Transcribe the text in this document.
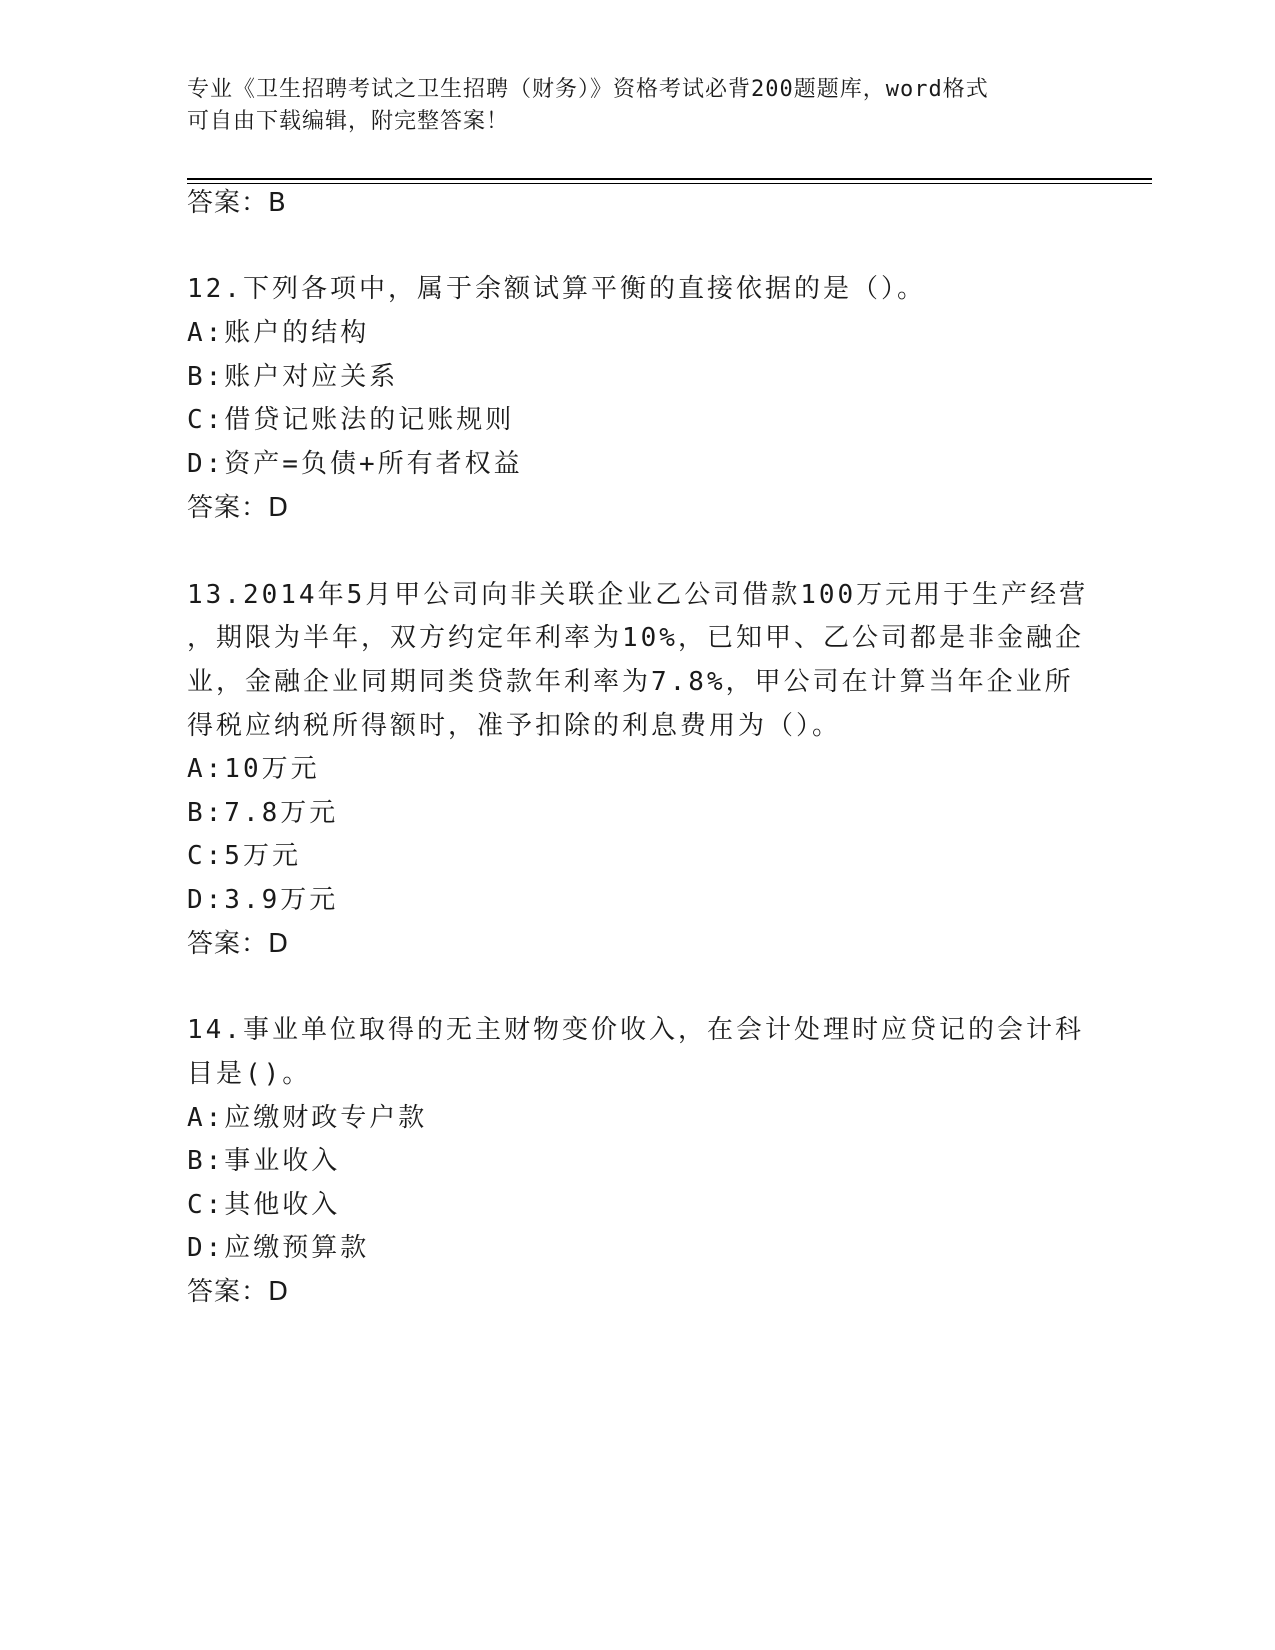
专业《卫生招聘考试之卫生招聘（财务）》资格考试必背200题题库，word格式
可自由下载编辑，附完整答案！
答案：B
12.下列各项中，属于余额试算平衡的直接依据的是（）。
A:账户的结构
B:账户对应关系
C:借贷记账法的记账规则
D:资产=负债+所有者权益
答案：D
13.2014年5月甲公司向非关联企业乙公司借款100万元用于生产经营
，期限为半年，双方约定年利率为10%，已知甲、乙公司都是非金融企
业，金融企业同期同类贷款年利率为7.8%，甲公司在计算当年企业所
得税应纳税所得额时，准予扣除的利息费用为（）。
A:10万元
B:7.8万元
C:5万元
D:3.9万元
答案：D
14.事业单位取得的无主财物变价收入，在会计处理时应贷记的会计科
目是()。
A:应缴财政专户款
B:事业收入
C:其他收入
D:应缴预算款
答案：D
